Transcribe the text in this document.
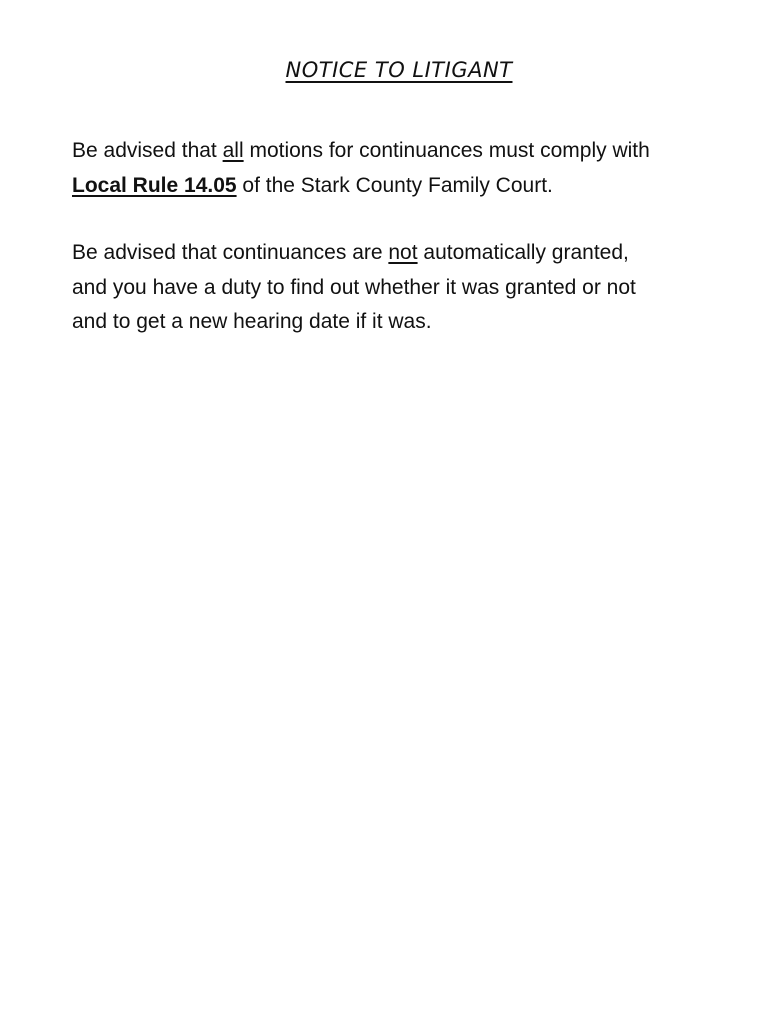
NOTICE TO LITIGANT
Be advised that all motions for continuances must comply with
Local Rule 14.05 of the Stark County Family Court.
Be advised that continuances are not automatically granted,
and you have a duty to find out whether it was granted or not
and to get a new hearing date if it was.
